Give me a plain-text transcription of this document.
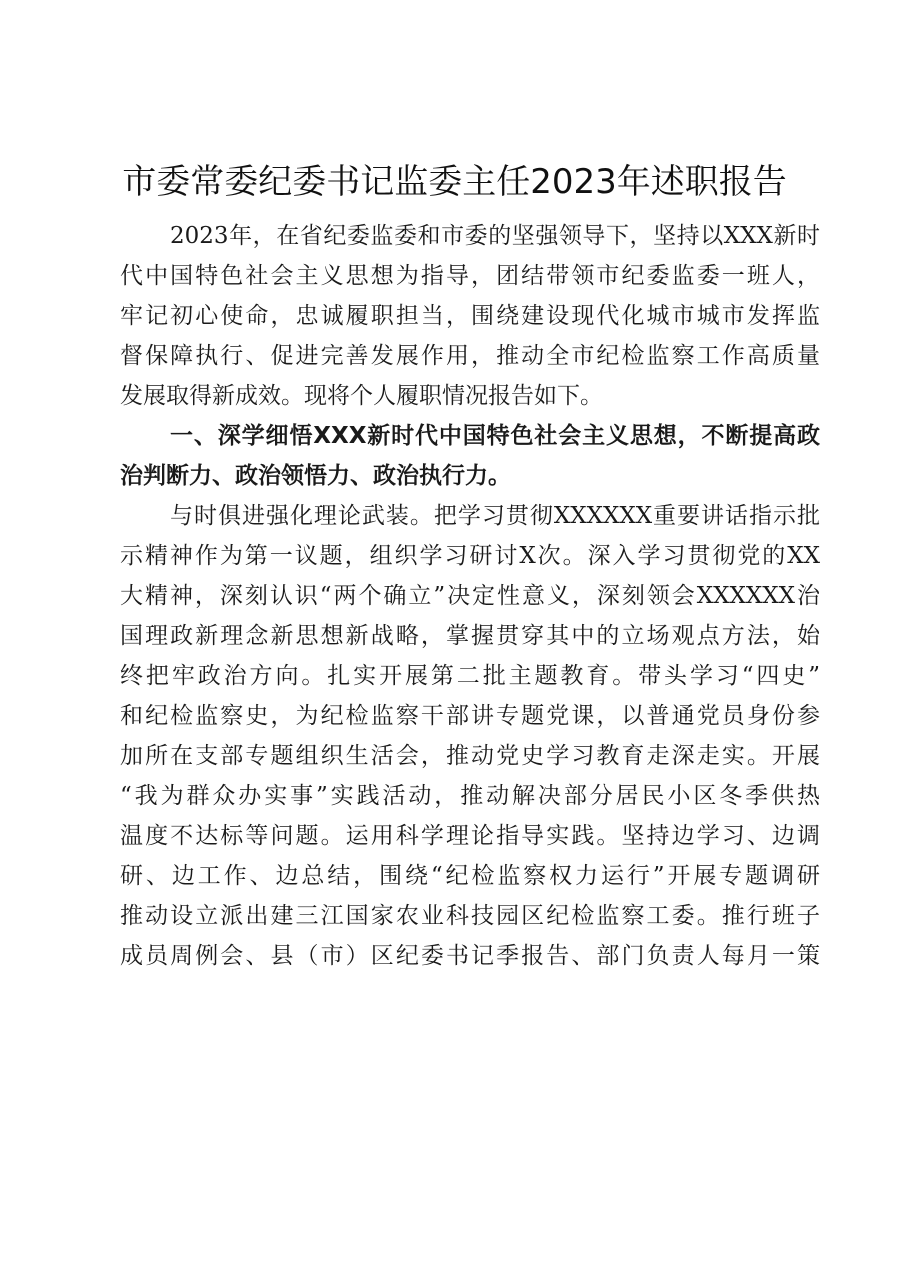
市委常委纪委书记监委主任2023年述职报告
2023年，在省纪委监委和市委的坚强领导下，坚持以XXX新时
代中国特色社会主义思想为指导，团结带领市纪委监委一班人，
牢记初心使命，忠诚履职担当，围绕建设现代化城市城市发挥监
督保障执行、促进完善发展作用，推动全市纪检监察工作高质量
发展取得新成效。现将个人履职情况报告如下。
一、深学细悟XXX新时代中国特色社会主义思想，不断提高政
治判断力、政治领悟力、政治执行力。
与时俱进强化理论武装。把学习贯彻XXXXXX重要讲话指示批
示精神作为第一议题，组织学习研讨X次。深入学习贯彻党的XX
大精神，深刻认识“两个确立”决定性意义，深刻领会XXXXXX治
国理政新理念新思想新战略，掌握贯穿其中的立场观点方法，始
终把牢政治方向。扎实开展第二批主题教育。带头学习“四史”
和纪检监察史，为纪检监察干部讲专题党课，以普通党员身份参
加所在支部专题组织生活会，推动党史学习教育走深走实。开展
“我为群众办实事”实践活动，推动解决部分居民小区冬季供热
温度不达标等问题。运用科学理论指导实践。坚持边学习、边调
研、边工作、边总结，围绕“纪检监察权力运行”开展专题调研
推动设立派出建三江国家农业科技园区纪检监察工委。推行班子
成员周例会、县（市）区纪委书记季报告、部门负责人每月一策
